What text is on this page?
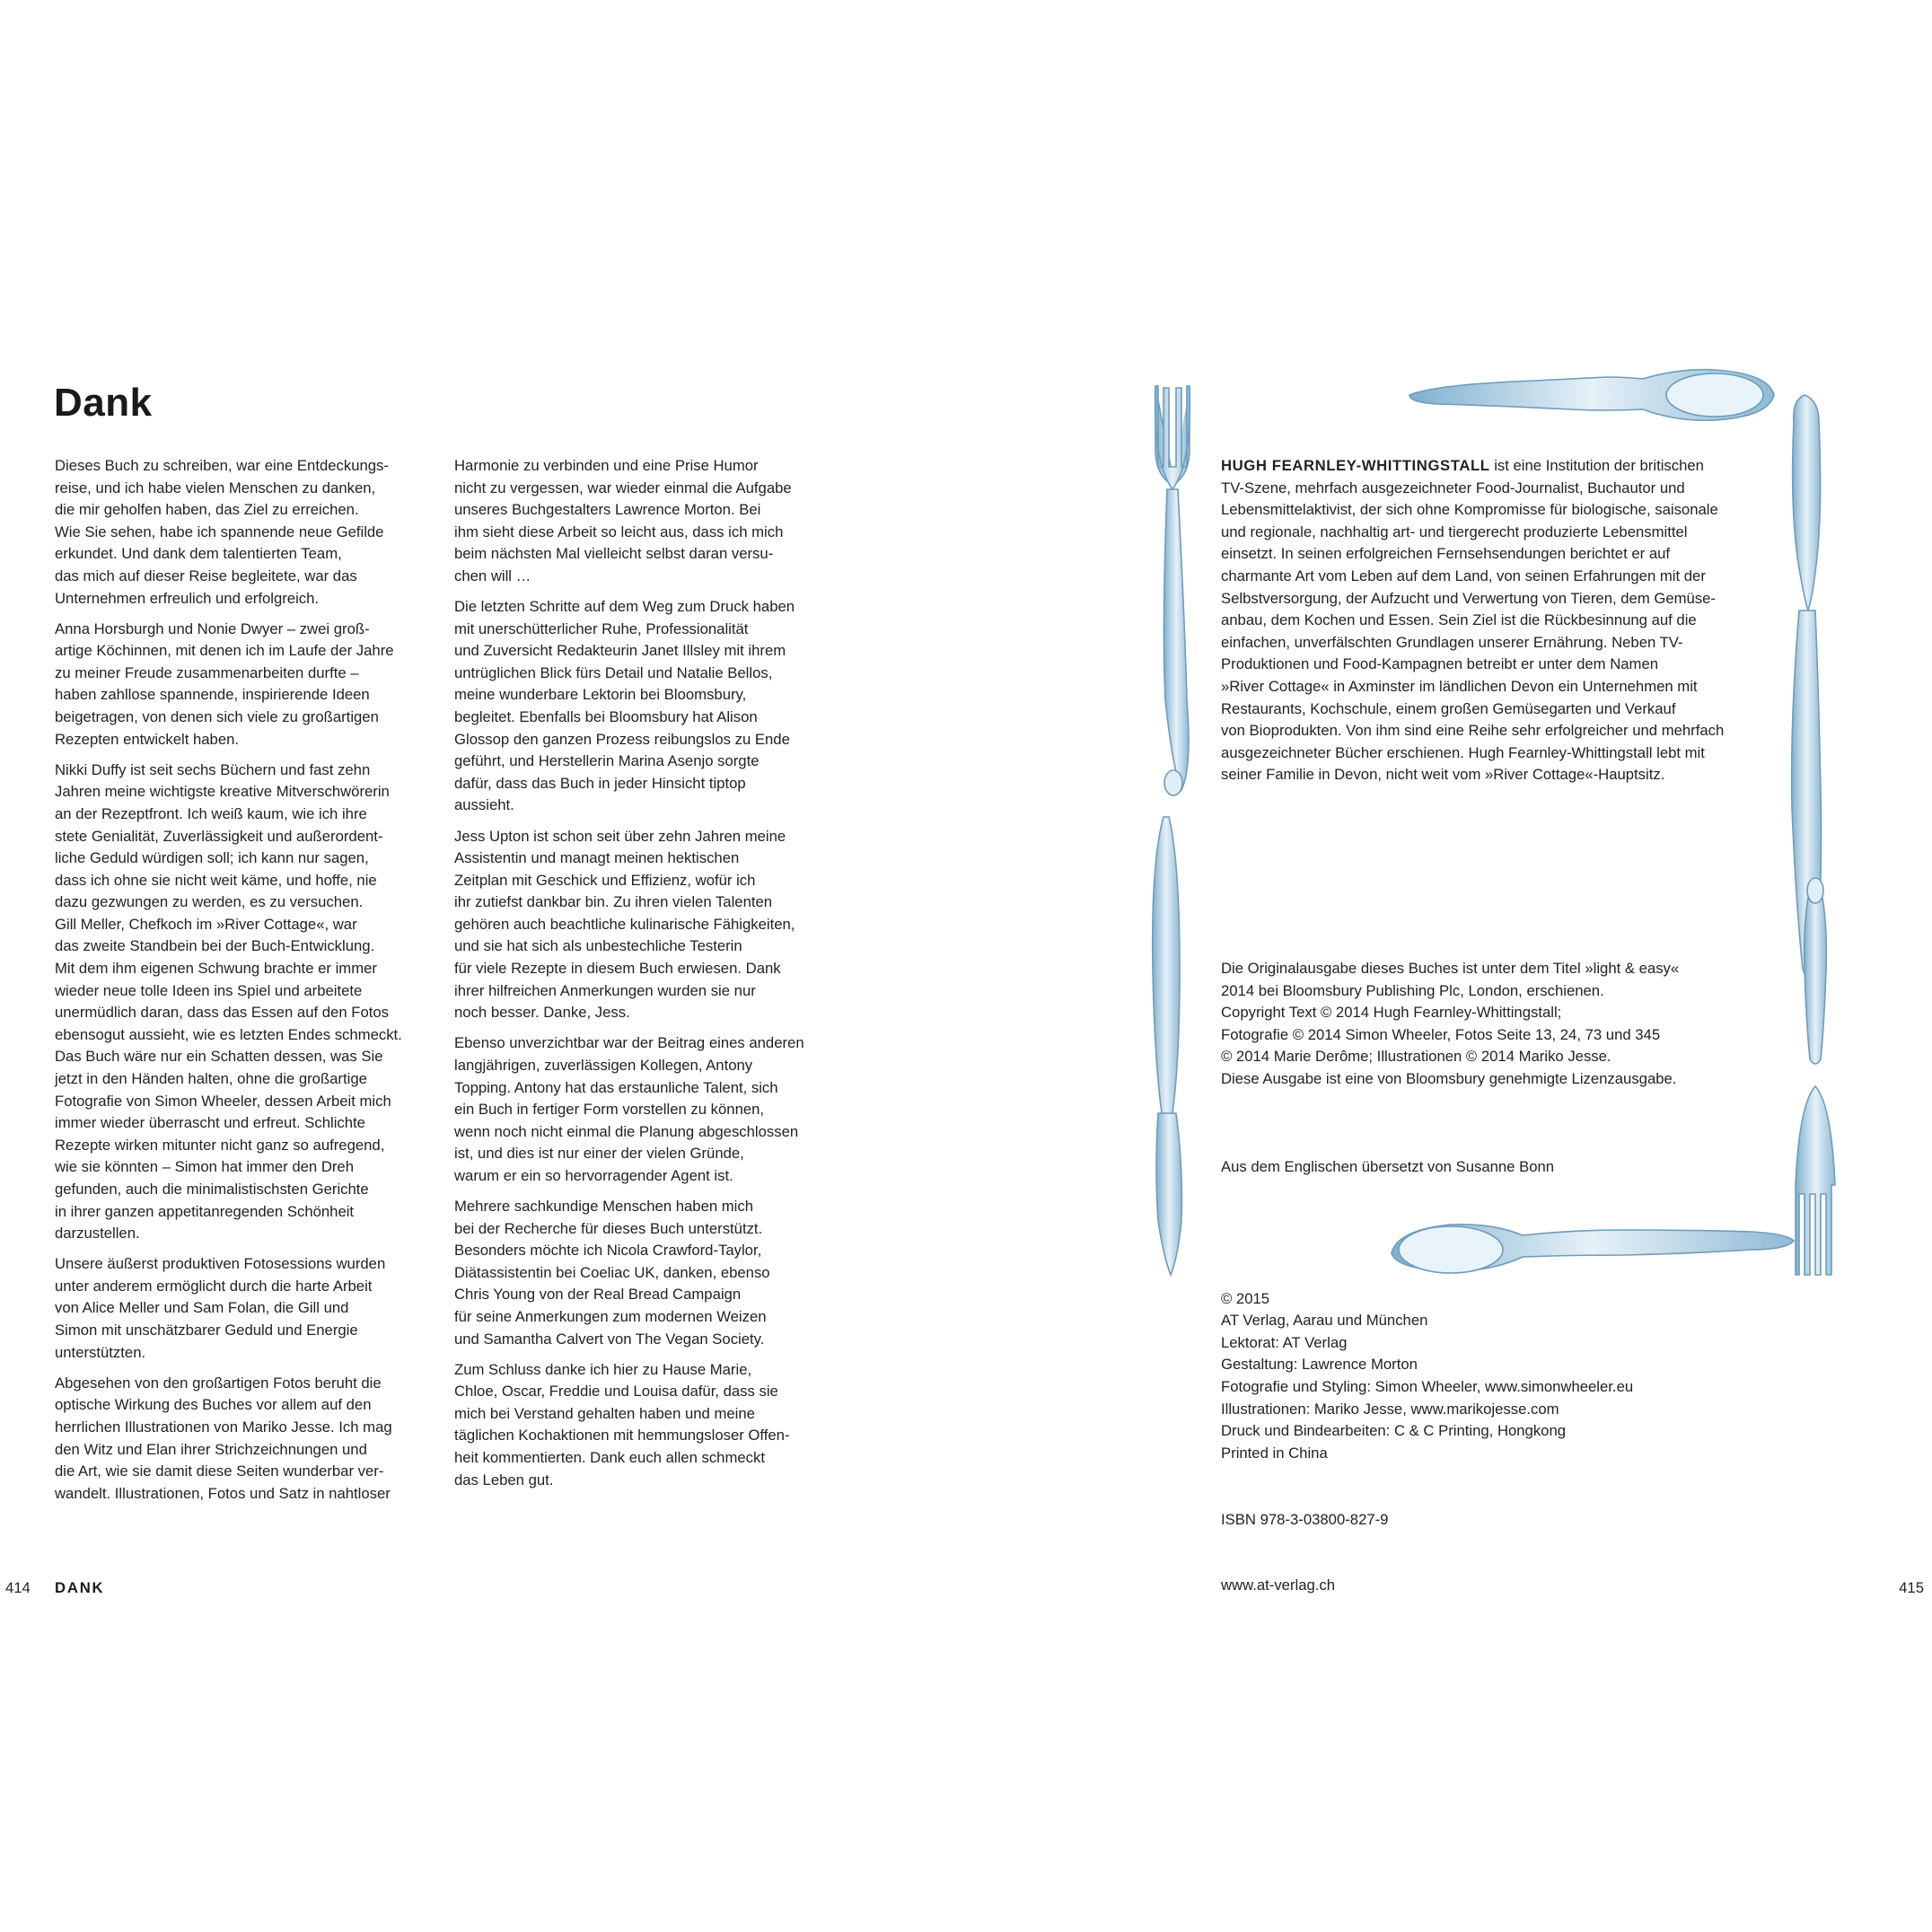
Dank

Dieses Buch zu schreiben, war eine Entdeckungs-
reise, und ich habe vielen Menschen zu danken,
die mir geholfen haben, das Ziel zu erreichen.
Wie Sie sehen, habe ich spannende neue Gefilde
erkundet. Und dank dem talentierten Team,
das mich auf dieser Reise begleitete, war das
Unternehmen erfreulich und erfolgreich.

Anna Horsburgh und Nonie Dwyer – zwei groß-
artige Köchinnen, mit denen ich im Laufe der Jahre
zu meiner Freude zusammenarbeiten durfte –
haben zahllose spannende, inspirierende Ideen
beigetragen, von denen sich viele zu großartigen
Rezepten entwickelt haben.

Nikki Duffy ist seit sechs Büchern und fast zehn
Jahren meine wichtigste kreative Mitverschwörerin
an der Rezeptfront. Ich weiß kaum, wie ich ihre
stete Genialität, Zuverlässigkeit und außerordent-
liche Geduld würdigen soll; ich kann nur sagen,
dass ich ohne sie nicht weit käme, und hoffe, nie
dazu gezwungen zu werden, es zu versuchen.
Gill Meller, Chefkoch im »River Cottage«, war
das zweite Standbein bei der Buch-Entwicklung.
Mit dem ihm eigenen Schwung brachte er immer
wieder neue tolle Ideen ins Spiel und arbeitete
unermüdlich daran, dass das Essen auf den Fotos
ebensogut aussieht, wie es letzten Endes schmeckt.
Das Buch wäre nur ein Schatten dessen, was Sie
jetzt in den Händen halten, ohne die großartige
Fotografie von Simon Wheeler, dessen Arbeit mich
immer wieder überrascht und erfreut. Schlichte
Rezepte wirken mitunter nicht ganz so aufregend,
wie sie könnten – Simon hat immer den Dreh
gefunden, auch die minimalistischsten Gerichte
in ihrer ganzen appetitanregenden Schönheit
darzustellen.

Unsere äußerst produktiven Fotosessions wurden
unter anderem ermöglicht durch die harte Arbeit
von Alice Meller und Sam Folan, die Gill und
Simon mit unschätzbarer Geduld und Energie
unterstützten.

Abgesehen von den großartigen Fotos beruht die
optische Wirkung des Buches vor allem auf den
herrlichen Illustrationen von Mariko Jesse. Ich mag
den Witz und Elan ihrer Strichzeichnungen und
die Art, wie sie damit diese Seiten wunderbar ver-
wandelt. Illustrationen, Fotos und Satz in nahtloser

Harmonie zu verbinden und eine Prise Humor
nicht zu vergessen, war wieder einmal die Aufgabe
unseres Buchgestalters Lawrence Morton. Bei
ihm sieht diese Arbeit so leicht aus, dass ich mich
beim nächsten Mal vielleicht selbst daran versu-
chen will …

Die letzten Schritte auf dem Weg zum Druck haben
mit unerschütterlicher Ruhe, Professionalität
und Zuversicht Redakteurin Janet Illsley mit ihrem
untrüglichen Blick fürs Detail und Natalie Bellos,
meine wunderbare Lektorin bei Bloomsbury,
begleitet. Ebenfalls bei Bloomsbury hat Alison
Glossop den ganzen Prozess reibungslos zu Ende
geführt, und Herstellerin Marina Asenjo sorgte
dafür, dass das Buch in jeder Hinsicht tiptop
aussieht.

Jess Upton ist schon seit über zehn Jahren meine
Assistentin und managt meinen hektischen
Zeitplan mit Geschick und Effizienz, wofür ich
ihr zutiefst dankbar bin. Zu ihren vielen Talenten
gehören auch beachtliche kulinarische Fähigkeiten,
und sie hat sich als unbestechliche Testerin
für viele Rezepte in diesem Buch erwiesen. Dank
ihrer hilfreichen Anmerkungen wurden sie nur
noch besser. Danke, Jess.

Ebenso unverzichtbar war der Beitrag eines anderen
langjährigen, zuverlässigen Kollegen, Antony
Topping. Antony hat das erstaunliche Talent, sich
ein Buch in fertiger Form vorstellen zu können,
wenn noch nicht einmal die Planung abgeschlossen
ist, und dies ist nur einer der vielen Gründe,
warum er ein so hervorragender Agent ist.

Mehrere sachkundige Menschen haben mich
bei der Recherche für dieses Buch unterstützt.
Besonders möchte ich Nicola Crawford-Taylor,
Diätassistentin bei Coeliac UK, danken, ebenso
Chris Young von der Real Bread Campaign
für seine Anmerkungen zum modernen Weizen
und Samantha Calvert von The Vegan Society.

Zum Schluss danke ich hier zu Hause Marie,
Chloe, Oscar, Freddie und Louisa dafür, dass sie
mich bei Verstand gehalten haben und meine
täglichen Kochaktionen mit hemmungsloser Offen-
heit kommentierten. Dank euch allen schmeckt
das Leben gut.

414 DANK

HUGH FEARNLEY-WHITTINGSTALL ist eine Institution der britischen
TV-Szene, mehrfach ausgezeichneter Food-Journalist, Buchautor und
Lebensmittelaktivist, der sich ohne Kompromisse für biologische, saisonale
und regionale, nachhaltig art- und tiergerecht produzierte Lebensmittel
einsetzt. In seinen erfolgreichen Fernsehsendungen berichtet er auf
charmante Art vom Leben auf dem Land, von seinen Erfahrungen mit der
Selbstversorgung, der Aufzucht und Verwertung von Tieren, dem Gemüse-
anbau, dem Kochen und Essen. Sein Ziel ist die Rückbesinnung auf die
einfachen, unverfälschten Grundlagen unserer Ernährung. Neben TV-
Produktionen und Food-Kampagnen betreibt er unter dem Namen
»River Cottage« in Axminster im ländlichen Devon ein Unternehmen mit
Restaurants, Kochschule, einem großen Gemüsegarten und Verkauf
von Bioprodukten. Von ihm sind eine Reihe sehr erfolgreicher und mehrfach
ausgezeichneter Bücher erschienen. Hugh Fearnley-Whittingstall lebt mit
seiner Familie in Devon, nicht weit vom »River Cottage«-Hauptsitz.

Die Originalausgabe dieses Buches ist unter dem Titel »light & easy«
2014 bei Bloomsbury Publishing Plc, London, erschienen.
Copyright Text © 2014 Hugh Fearnley-Whittingstall;
Fotografie © 2014 Simon Wheeler, Fotos Seite 13, 24, 73 und 345
© 2014 Marie Derôme; Illustrationen © 2014 Mariko Jesse.
Diese Ausgabe ist eine von Bloomsbury genehmigte Lizenzausgabe.

Aus dem Englischen übersetzt von Susanne Bonn

© 2015
AT Verlag, Aarau und München
Lektorat: AT Verlag
Gestaltung: Lawrence Morton
Fotografie und Styling: Simon Wheeler, www.simonwheeler.eu
Illustrationen: Mariko Jesse, www.marikojesse.com
Druck und Bindearbeiten: C & C Printing, Hongkong
Printed in China

ISBN 978-3-03800-827-9

www.at-verlag.ch	415
